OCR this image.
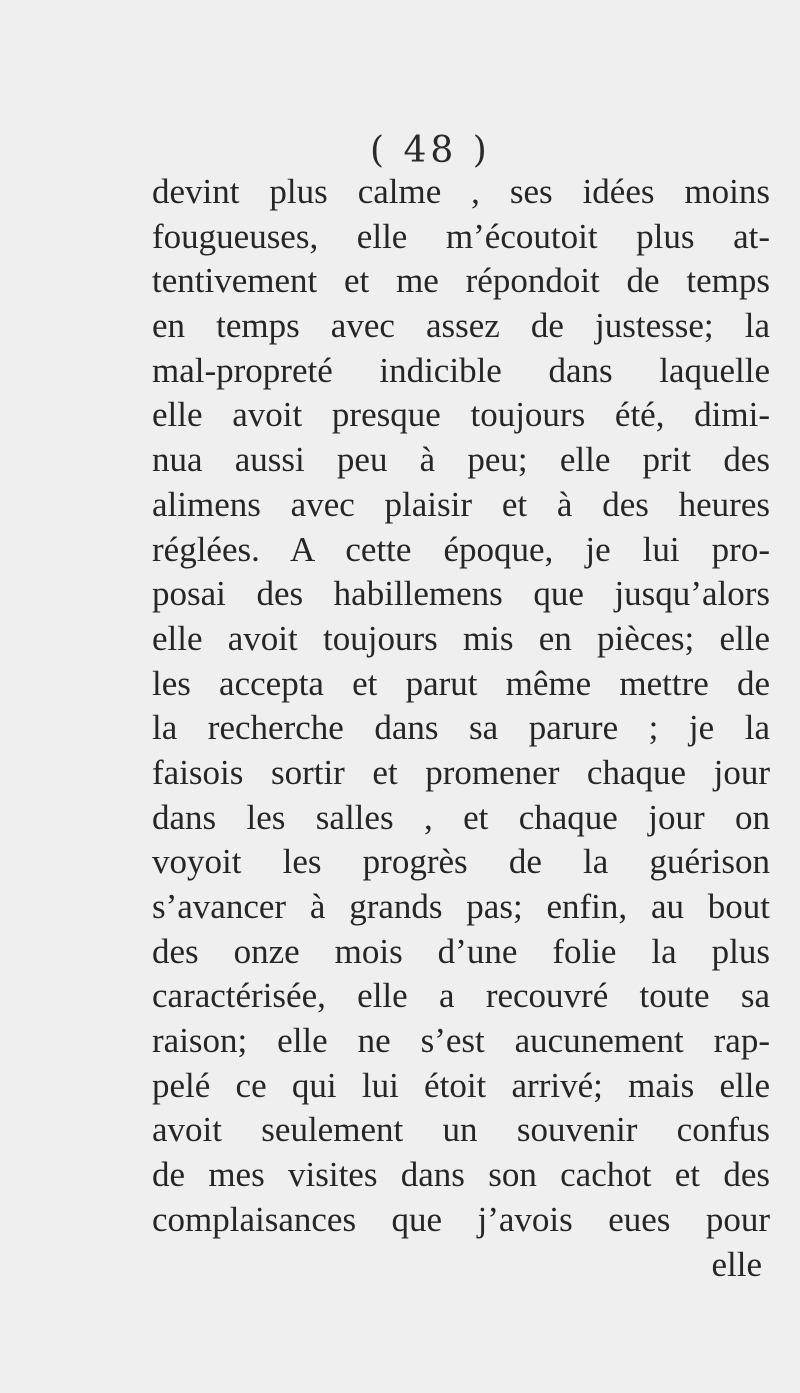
( 48 )
devint plus calme , ses idées moins
fougueuses, elle m’écoutoit plus at-
tentivement et me répondoit de temps
en temps avec assez de justesse; la
mal-propreté indicible dans laquelle
elle avoit presque toujours été, dimi-
nua aussi peu à peu; elle prit des
alimens avec plaisir et à des heures
réglées. A cette époque, je lui pro-
posai des habillemens que jusqu’alors
elle avoit toujours mis en pièces; elle
les accepta et parut même mettre de
la recherche dans sa parure ; je la
faisois sortir et promener chaque jour
dans les salles , et chaque jour on
voyoit les progrès de la guérison
s’avancer à grands pas; enfin, au bout
des onze mois d’une folie la plus
caractérisée, elle a recouvré toute sa
raison; elle ne s’est aucunement rap-
pelé ce qui lui étoit arrivé; mais elle
avoit seulement un souvenir confus
de mes visites dans son cachot et des
complaisances que j’avois eues pour
elle
